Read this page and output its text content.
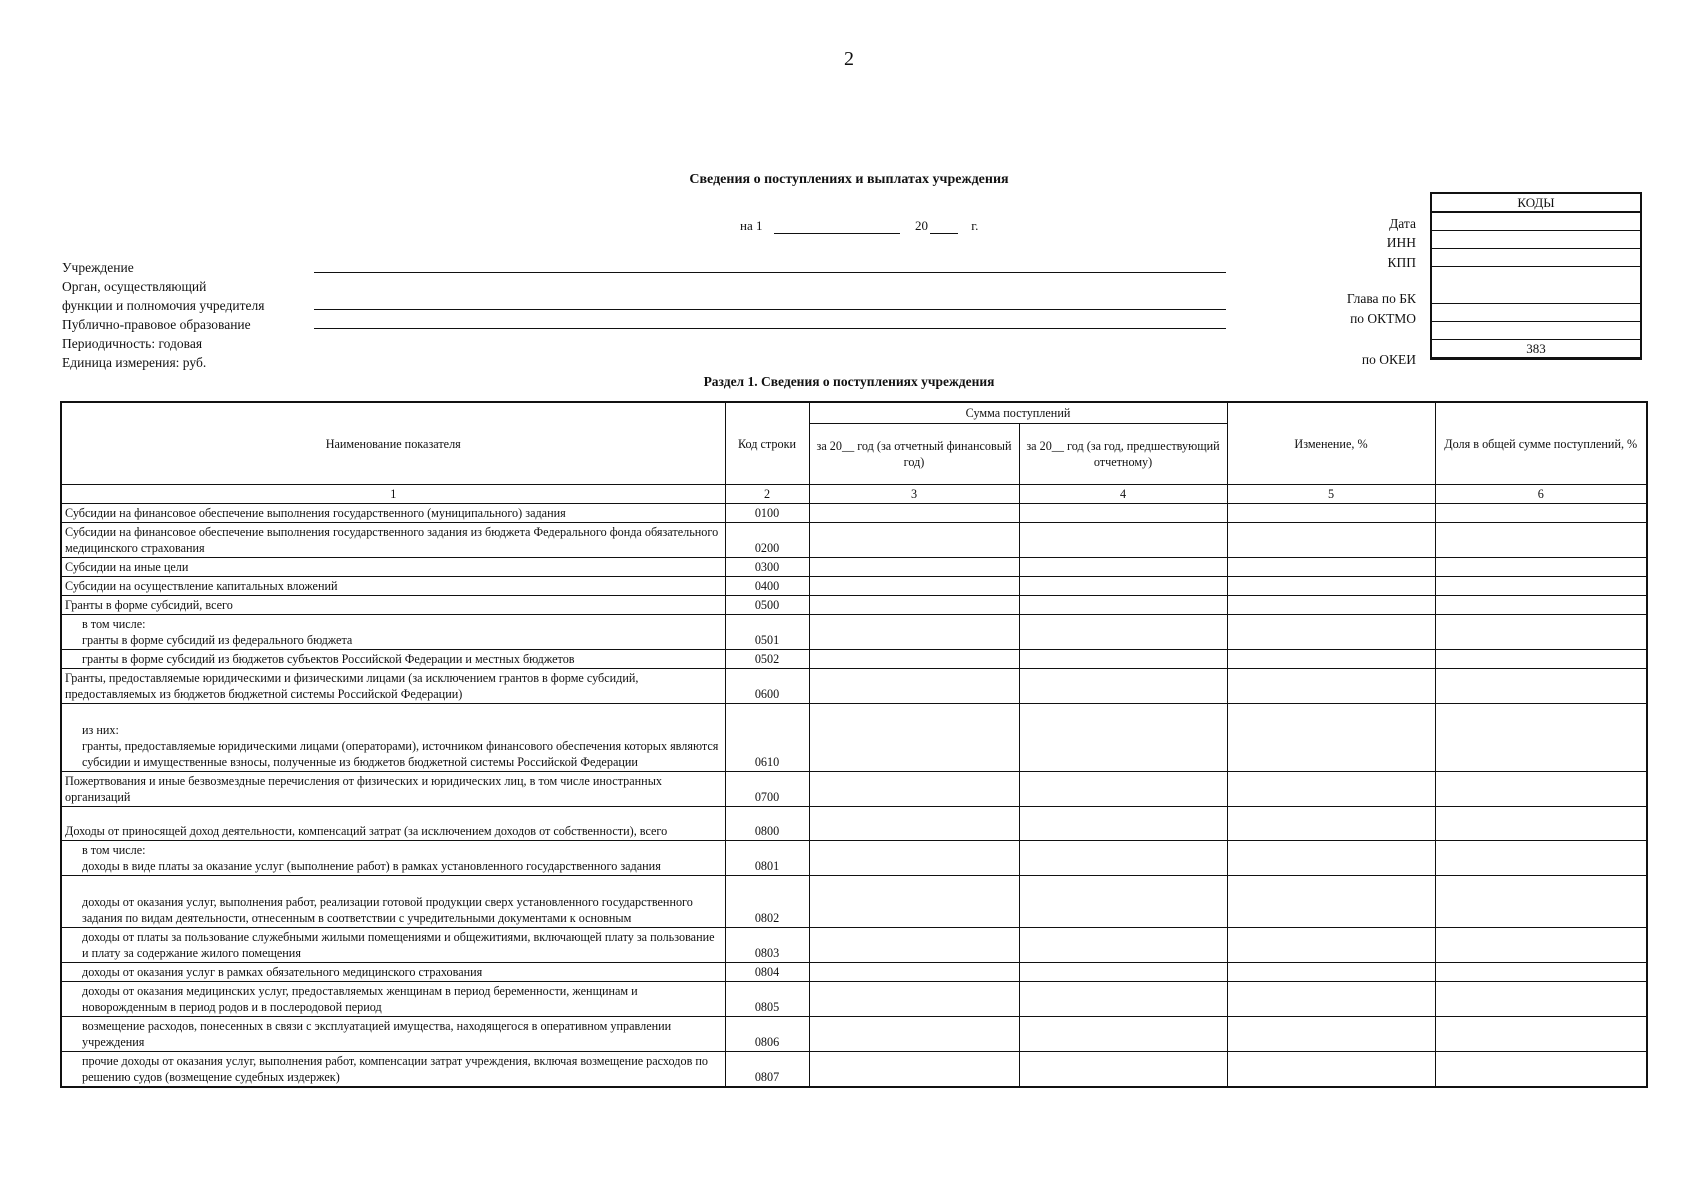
2
Сведения о поступлениях и выплатах учреждения
на 1	20	г.
Учреждение
Орган, осуществляющий
функции и полномочия учредителя
Публично-правовое образование
Периодичность: годовая
Единица измерения: руб.
Дата
ИНН
КПП
Глава по БК
по ОКТМО
по ОКЕИ
КОДЫ

383
Раздел 1. Сведения о поступлениях учреждения
Наименование показателя	Код строки	Сумма поступлений		Изменение, %	Доля в общей сумме поступлений, %
		за 20__ год (за отчетный финансовый год)	за 20__ год (за год, предшествующий отчетному)		
1	2	3	4	5	6
Субсидии на финансовое обеспечение выполнения государственного (муниципального) задания	0100				
Субсидии на финансовое обеспечение выполнения государственного задания из бюджета Федерального фонда обязательного медицинского страхования	0200				
Субсидии на иные цели	0300				
Субсидии на осуществление капитальных вложений	0400				
Гранты в форме субсидий, всего	0500				
в том числе:
гранты в форме субсидий из федерального бюджета	0501				
гранты в форме субсидий из бюджетов субъектов Российской Федерации и местных бюджетов	0502				
Гранты, предоставляемые юридическими и физическими лицами (за исключением грантов в форме субсидий, предоставляемых из бюджетов бюджетной системы Российской Федерации)	0600				
из них:
гранты, предоставляемые юридическими лицами (операторами), источником финансового обеспечения которых являются субсидии и имущественные взносы, полученные из бюджетов бюджетной системы Российской Федерации	0610				
Пожертвования и иные безвозмездные перечисления от физических и юридических лиц, в том числе иностранных организаций	0700				
Доходы от приносящей доход деятельности, компенсаций затрат (за исключением доходов от собственности), всего	0800				
в том числе:
доходы в виде платы за оказание услуг (выполнение работ) в рамках установленного государственного задания	0801				
доходы от оказания услуг, выполнения работ, реализации готовой продукции сверх установленного государственного задания по видам деятельности, отнесенным в соответствии с учредительными документами к основным	0802				
доходы от платы за пользование служебными жилыми помещениями и общежитиями, включающей плату за пользование и плату за содержание жилого помещения	0803				
доходы от оказания услуг в рамках обязательного медицинского страхования	0804				
доходы от оказания медицинских услуг, предоставляемых женщинам в период беременности, женщинам и новорожденным в период родов и в послеродовой период	0805				
возмещение расходов, понесенных в связи с эксплуатацией имущества, находящегося в оперативном управлении учреждения	0806				
прочие доходы от оказания услуг, выполнения работ, компенсации затрат учреждения, включая возмещение расходов по решению судов (возмещение судебных издержек)	0807				
